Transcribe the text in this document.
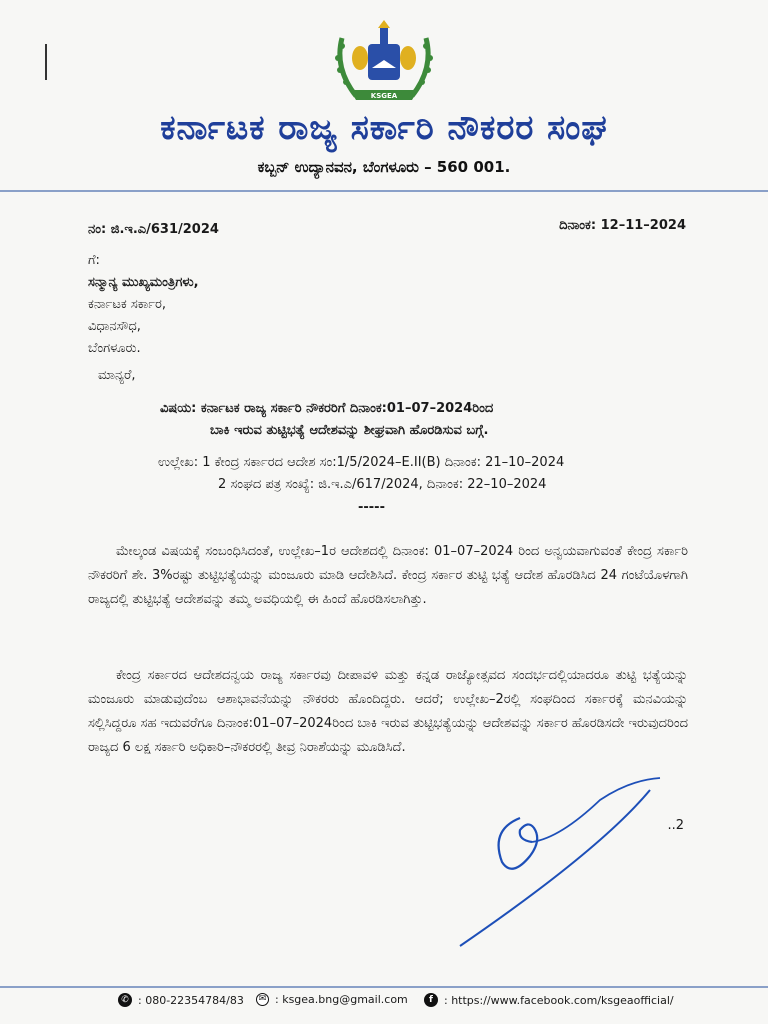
KSGEA
ಕರ್ನಾಟಕ ರಾಜ್ಯ ಸರ್ಕಾರಿ ನೌಕರರ ಸಂಘ
ಕಬ್ಬನ್ ಉದ್ಯಾನವನ, ಬೆಂಗಳೂರು – 560 001.
ನಂ: ಜಿ.ಇ.ಎ/631/2024	ದಿನಾಂಕ: 12–11–2024
ಗೆ:
ಸನ್ಮಾನ್ಯ ಮುಖ್ಯಮಂತ್ರಿಗಳು,
ಕರ್ನಾಟಕ ಸರ್ಕಾರ,
ವಿಧಾನಸೌಧ,
ಬೆಂಗಳೂರು.
ಮಾನ್ಯರೆ,
ವಿಷಯ: ಕರ್ನಾಟಕ ರಾಜ್ಯ ಸರ್ಕಾರಿ ನೌಕರರಿಗೆ ದಿನಾಂಕ:01–07–2024ರಿಂದ
ಬಾಕಿ ಇರುವ ತುಟ್ಟಿಭತ್ಯೆ ಆದೇಶವನ್ನು ಶೀಘ್ರವಾಗಿ ಹೊರಡಿಸುವ ಬಗ್ಗೆ.
ಉಲ್ಲೇಖ: 1 ಕೇಂದ್ರ ಸರ್ಕಾರದ ಆದೇಶ ಸಂ:1/5/2024–E.II(B) ದಿನಾಂಕ: 21–10–2024
2 ಸಂಘದ ಪತ್ರ ಸಂಖ್ಯೆ: ಜಿ.ಇ.ಎ/617/2024, ದಿನಾಂಕ: 22–10–2024
-----
ಮೇಲ್ಕಂಡ ವಿಷಯಕ್ಕೆ ಸಂಬಂಧಿಸಿದಂತೆ, ಉಲ್ಲೇಖ–1ರ ಆದೇಶದಲ್ಲಿ ದಿನಾಂಕ: 01–07–2024 ರಿಂದ ಅನ್ವಯವಾಗುವಂತೆ ಕೇಂದ್ರ ಸರ್ಕಾರಿ ನೌಕರರಿಗೆ ಶೇ. 3%ರಷ್ಟು ತುಟ್ಟಿಭತ್ಯೆಯನ್ನು ಮಂಜೂರು ಮಾಡಿ ಆದೇಶಿಸಿದೆ. ಕೇಂದ್ರ ಸರ್ಕಾರ ತುಟ್ಟಿ ಭತ್ಯೆ ಆದೇಶ ಹೊರಡಿಸಿದ 24 ಗಂಟೆಯೊಳಗಾಗಿ ರಾಜ್ಯದಲ್ಲಿ ತುಟ್ಟಿಭತ್ಯೆ ಆದೇಶವನ್ನು ತಮ್ಮ ಅವಧಿಯಲ್ಲಿ ಈ ಹಿಂದೆ ಹೊರಡಿಸಲಾಗಿತ್ತು.
ಕೇಂದ್ರ ಸರ್ಕಾರದ ಆದೇಶದನ್ವಯ ರಾಜ್ಯ ಸರ್ಕಾರವು ದೀಪಾವಳಿ ಮತ್ತು ಕನ್ನಡ ರಾಜ್ಯೋತ್ಸವದ ಸಂದರ್ಭದಲ್ಲಿಯಾದರೂ ತುಟ್ಟಿ ಭತ್ಯೆಯನ್ನು ಮಂಜೂರು ಮಾಡುವುದೆಂಬ ಆಶಾಭಾವನೆಯನ್ನು ನೌಕರರು ಹೊಂದಿದ್ದರು. ಆದರೆ; ಉಲ್ಲೇಖ–2ರಲ್ಲಿ ಸಂಘದಿಂದ ಸರ್ಕಾರಕ್ಕೆ ಮನವಿಯನ್ನು ಸಲ್ಲಿಸಿದ್ದರೂ ಸಹ ಇದುವರೆಗೂ ದಿನಾಂಕ:01–07–2024ರಿಂದ ಬಾಕಿ ಇರುವ ತುಟ್ಟಿಭತ್ಯೆಯನ್ನು ಆದೇಶವನ್ನು ಸರ್ಕಾರ ಹೊರಡಿಸದೇ ಇರುವುದರಿಂದ ರಾಜ್ಯದ 6 ಲಕ್ಷ ಸರ್ಕಾರಿ ಅಧಿಕಾರಿ–ನೌಕರರಲ್ಲಿ ತೀವ್ರ ನಿರಾಶೆಯನ್ನು ಮೂಡಿಸಿದೆ.
..2
✆ : 080-22354784/83	✉ : ksgea.bng@gmail.com	f	: https://www.facebook.com/ksgeaofficial/
